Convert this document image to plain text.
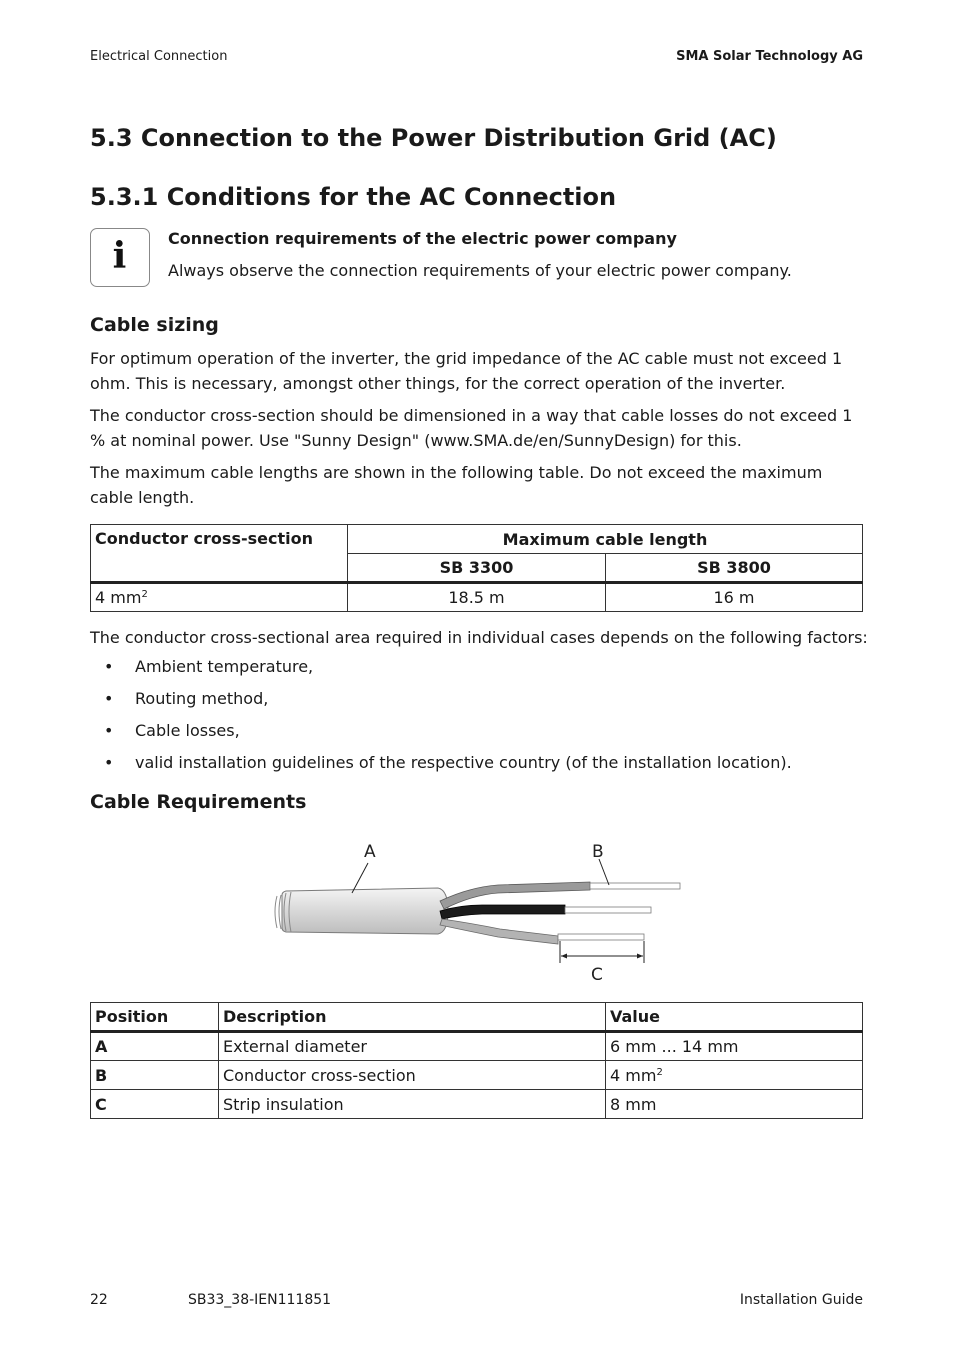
Electrical Connection	SMA Solar Technology AG
5.3 Connection to the Power Distribution Grid (AC)
5.3.1 Conditions for the AC Connection
i	Connection requirements of the electric power company
Always observe the connection requirements of your electric power company.
Cable sizing
For optimum operation of the inverter, the grid impedance of the AC cable must not exceed 1 ohm. This is necessary, amongst other things, for the correct operation of the inverter.
The conductor cross-section should be dimensioned in a way that cable losses do not exceed 1 % at nominal power. Use "Sunny Design" (www.SMA.de/en/SunnyDesign) for this.
The maximum cable lengths are shown in the following table. Do not exceed the maximum cable length.
Conductor cross-section	Maximum cable length	
	SB 3300	SB 3800
4 $mm^2$	18.5 m	16 m
The conductor cross-sectional area required in individual cases depends on the following factors:
• Ambient temperature,
• Routing method,
• Cable losses,
• valid installation guidelines of the respective country (of the installation location).
Cable Requirements
A	B
C
Position	Description	Value
A	External diameter	6 mm ... 14 mm
B	Conductor cross-section	4 $mm^2$
C	Strip insulation	8 mm
22	SB33_38-IEN111851	Installation Guide
